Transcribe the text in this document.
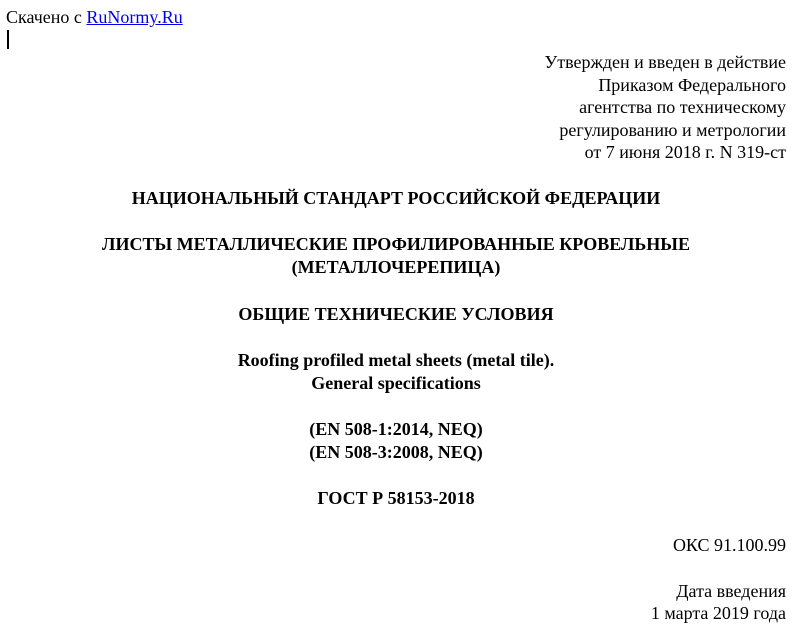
Скачено с RuNormy.Ru
Утвержден и введен в действие
Приказом Федерального
агентства по техническому
регулированию и метрологии
от 7 июня 2018 г. N 319-ст
НАЦИОНАЛЬНЫЙ СТАНДАРТ РОССИЙСКОЙ ФЕДЕРАЦИИ
ЛИСТЫ МЕТАЛЛИЧЕСКИЕ ПРОФИЛИРОВАННЫЕ КРОВЕЛЬНЫЕ
(МЕТАЛЛОЧЕРЕПИЦА)
ОБЩИЕ ТЕХНИЧЕСКИЕ УСЛОВИЯ
Roofing profiled metal sheets (metal tile).
General specifications
(EN 508-1:2014, NEQ)
(EN 508-3:2008, NEQ)
ГОСТ Р 58153-2018
ОКС 91.100.99
Дата введения
1 марта 2019 года
